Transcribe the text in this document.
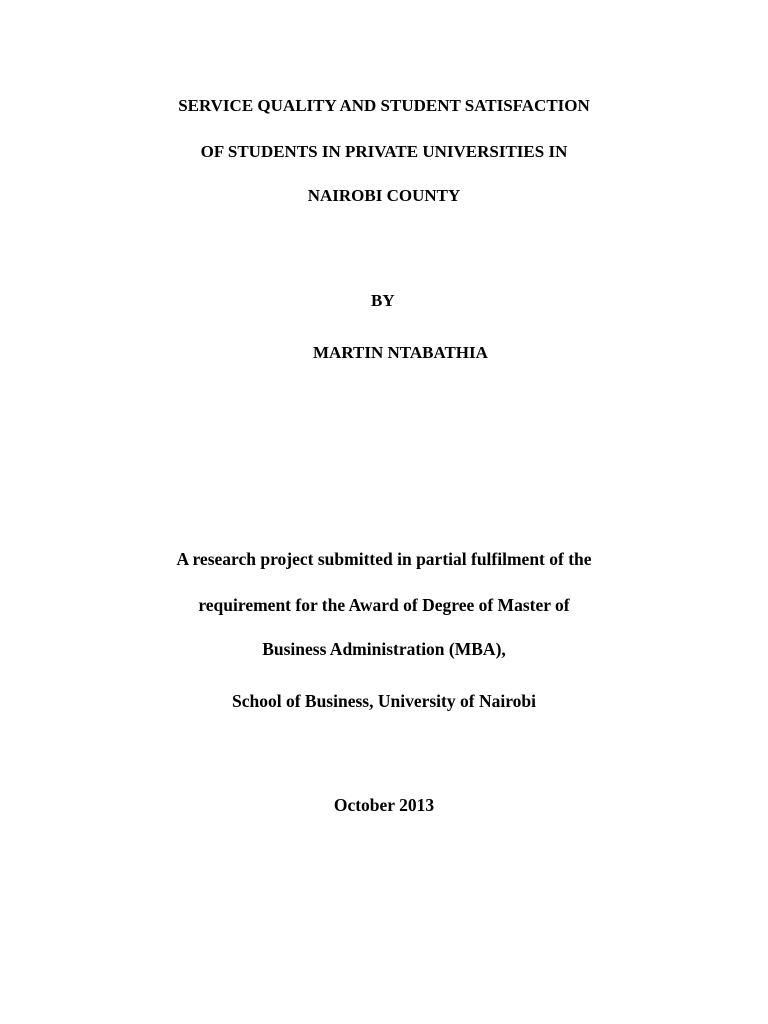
SERVICE QUALITY AND STUDENT SATISFACTION
OF STUDENTS IN PRIVATE UNIVERSITIES IN
NAIROBI COUNTY
BY
MARTIN NTABATHIA
A research project submitted in partial fulfilment of the
requirement for the Award of Degree of Master of
Business Administration (MBA),
School of Business, University of Nairobi
October 2013
